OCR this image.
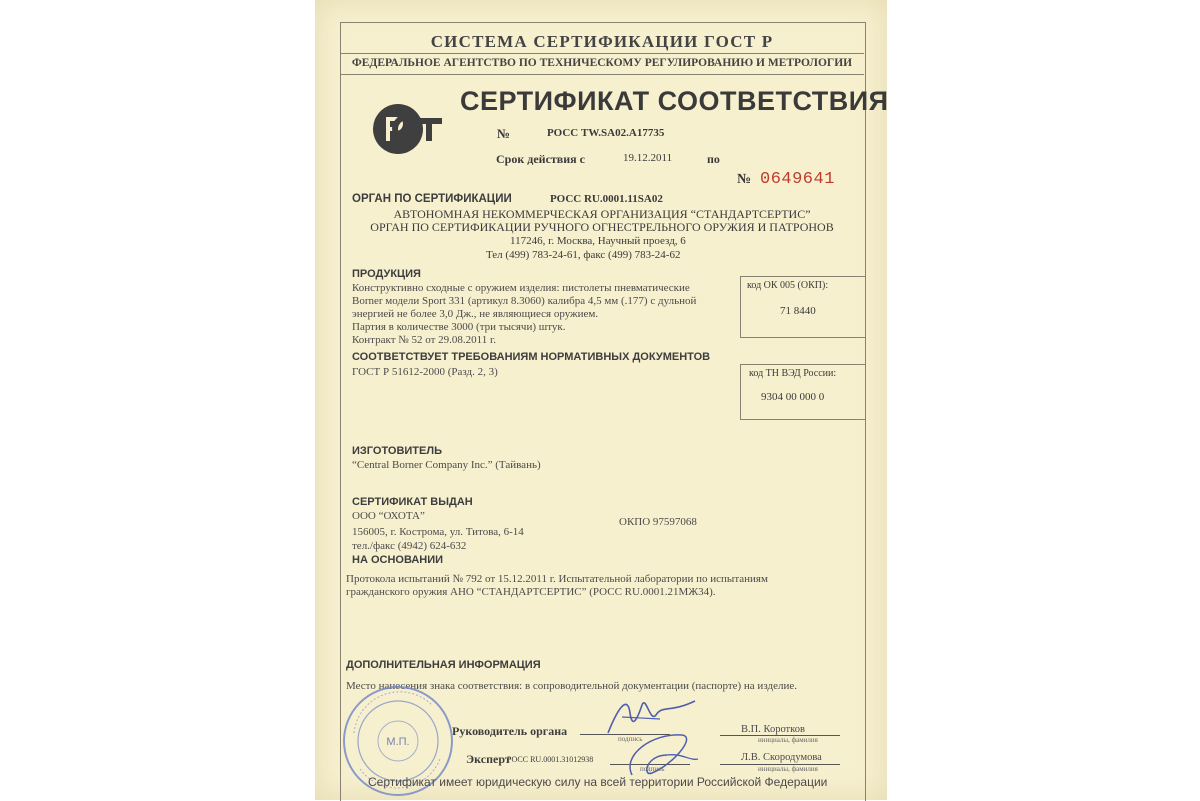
СИСТЕМА СЕРТИФИКАЦИИ ГОСТ Р
ФЕДЕРАЛЬНОЕ АГЕНТСТВО ПО ТЕХНИЧЕСКОМУ РЕГУЛИРОВАНИЮ И МЕТРОЛОГИИ
СЕРТИФИКАТ СООТВЕТСТВИЯ
№	РОСС TW.SA02.A17735
Срок действия с	19.12.2011	по
№ 0649641
ОРГАН ПО СЕРТИФИКАЦИИ	РОСС RU.0001.11SA02
АВТОНОМНАЯ НЕКОММЕРЧЕСКАЯ ОРГАНИЗАЦИЯ “СТАНДАРТСЕРТИС”
ОРГАН ПО СЕРТИФИКАЦИИ РУЧНОГО ОГНЕСТРЕЛЬНОГО ОРУЖИЯ И ПАТРОНОВ
117246, г. Москва, Научный проезд, 6
Тел (499) 783-24-61, факс (499) 783-24-62
ПРОДУКЦИЯ
Конструктивно сходные с оружием изделия: пистолеты пневматические
Borner модели Sport 331 (артикул 8.3060) калибра 4,5 мм (.177) с дульной
энергией не более 3,0 Дж., не являющиеся оружием.
Партия в количестве 3000 (три тысячи) штук.
Контракт № 52 от 29.08.2011 г.
код ОК 005 (ОКП):
71 8440
СООТВЕТСТВУЕТ ТРЕБОВАНИЯМ НОРМАТИВНЫХ ДОКУМЕНТОВ
ГОСТ Р 51612-2000 (Разд. 2, 3)	код ТН ВЭД России:
9304 00 000 0
ИЗГОТОВИТЕЛЬ
“Central Borner Company Inc.” (Тайвань)
СЕРТИФИКАТ ВЫДАН
ООО “ОХОТА”
156005, г. Кострома, ул. Титова, 6-14
тел./факс (4942) 624-632
ОКПО 97597068
НА ОСНОВАНИИ
Протокола испытаний № 792 от 15.12.2011 г. Испытательной лаборатории по испытаниям
гражданского оружия АНО “СТАНДАРТСЕРТИС” (РОСС RU.0001.21МЖ34).
ДОПОЛНИТЕЛЬНАЯ ИНФОРМАЦИЯ
Место нанесения знака соответствия: в сопроводительной документации (паспорте) на изделие.
Руководитель органа
подпись
В.П. Коротков
инициалы, фамилия
Эксперт
РОСС RU.0001.31012938
подпись
Л.В. Скородумова
инициалы, фамилия
М.П.
Сертификат имеет юридическую силу на всей территории Российской Федерации
